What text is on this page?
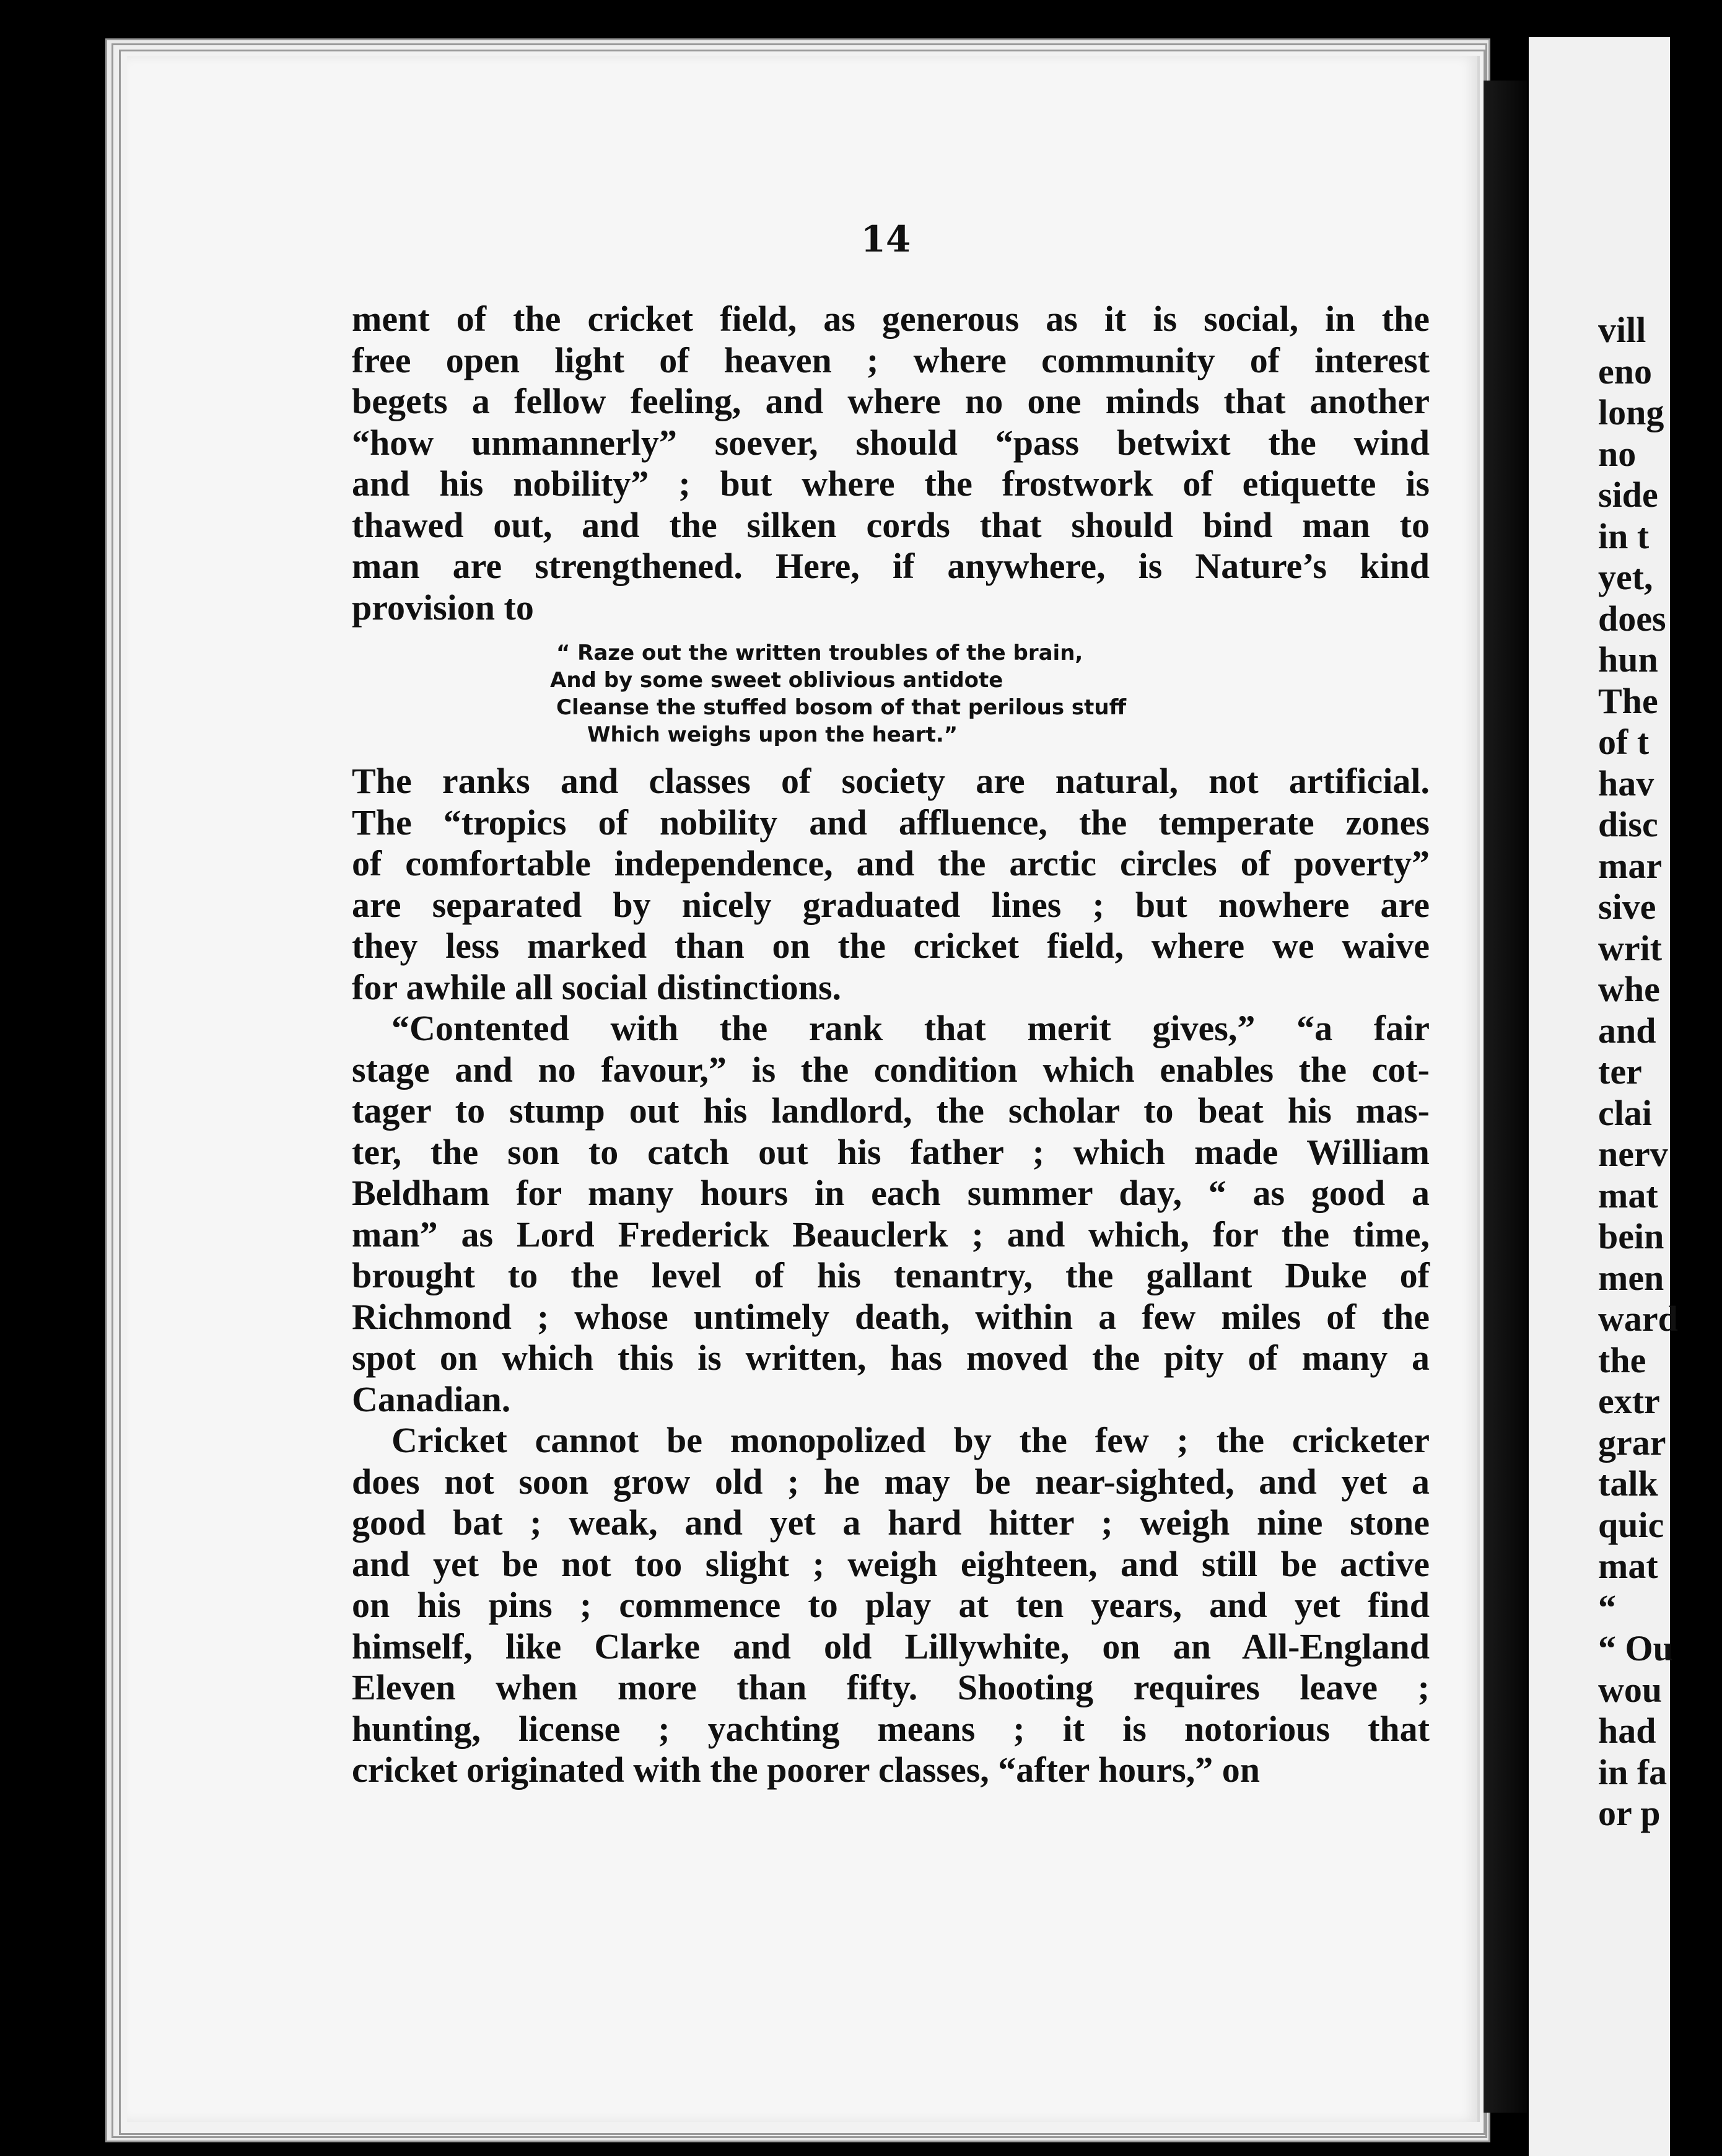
14

ment of the cricket field, as generous as it is social, in the

free open light of heaven ; where community of interest

begets a fellow feeling, and where no one minds that another

“how unmannerly” soever, should “pass betwixt the wind

and his nobility” ; but where the frostwork of etiquette is

thawed out, and the silken cords that should bind man to

man are strengthened. Here, if anywhere, is Nature’s kind

provision to

“ Raze out the written troubles of the brain,
And by some sweet oblivious antidote
Cleanse the stuffed bosom of that perilous stuff
Which weighs upon the heart.”

The ranks and classes of society are natural, not artificial.

The “tropics of nobility and affluence, the temperate zones

of comfortable independence, and the arctic circles of poverty”

are separated by nicely graduated lines ; but nowhere are

they less marked than on the cricket field, where we waive

for awhile all social distinctions.

“Contented with the rank that merit gives,” “a fair

stage and no favour,” is the condition which enables the cot-

tager to stump out his landlord, the scholar to beat his mas-

ter, the son to catch out his father ; which made William

Beldham for many hours in each summer day, “ as good a

man” as Lord Frederick Beauclerk ; and which, for the time,

brought to the level of his tenantry, the gallant Duke of

Richmond ; whose untimely death, within a few miles of the

spot on which this is written, has moved the pity of many a

Canadian.

Cricket cannot be monopolized by the few ; the cricketer

does not soon grow old ; he may be near-sighted, and yet a

good bat ; weak, and yet a hard hitter ; weigh nine stone

and yet be not too slight ; weigh eighteen, and still be active

on his pins ; commence to play at ten years, and yet find

himself, like Clarke and old Lillywhite, on an All-England

Eleven when more than fifty. Shooting requires leave ;

hunting, license ; yachting means ; it is notorious that

cricket originated with the poorer classes, “after hours,” on

vill
eno
long
no
side
in t
yet,
does
hun
The
of t
hav
disc
mar
sive
writ
whe
and
ter
clai
nerv
mat
bein
men
ward
the
extr
grar
talk
quic
mat
“
“ Ou
wou
had
in fa
or p
